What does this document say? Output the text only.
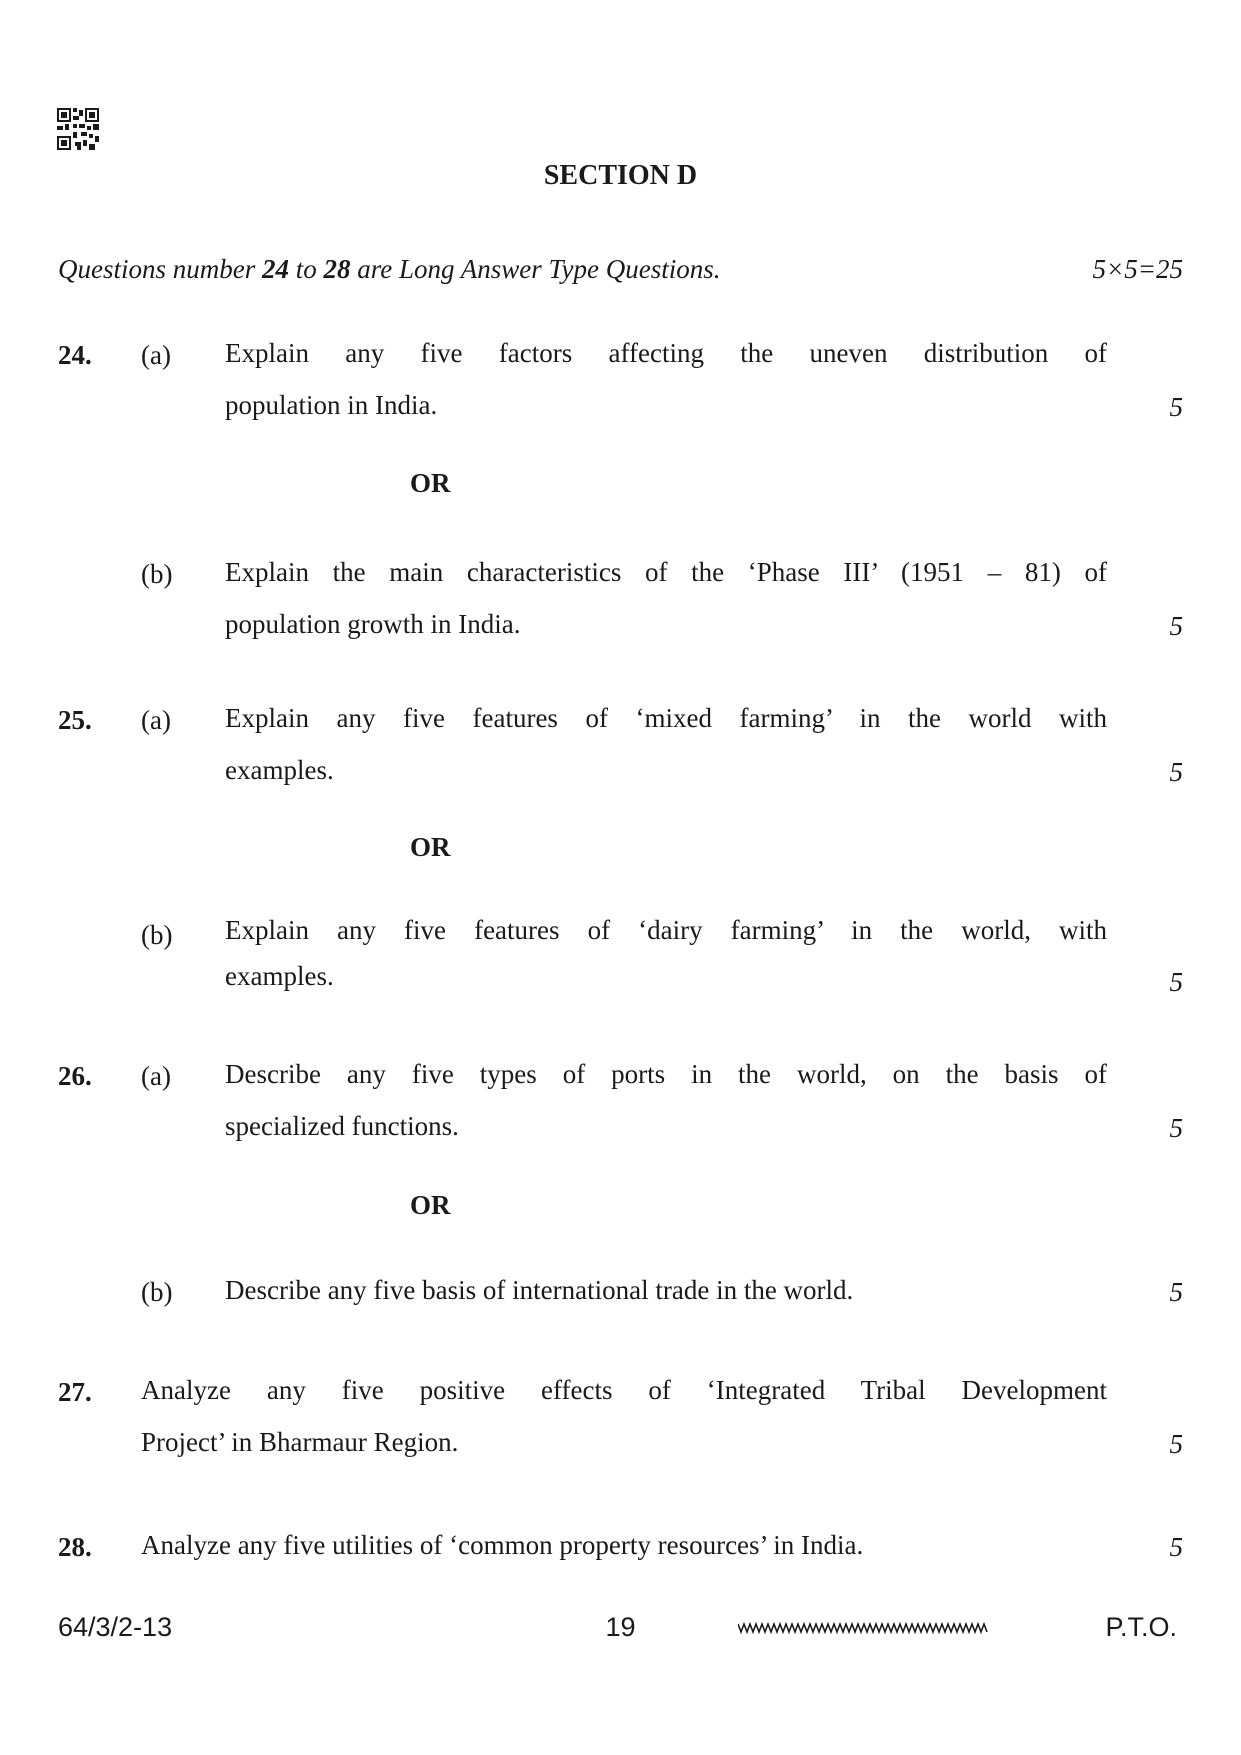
SECTION D
Questions number 24 to 28 are Long Answer Type Questions.	5×5=25
24. (a) Explain any five factors affecting the uneven distribution of
population in India.	5
OR
(b) Explain the main characteristics of the ‘Phase III’ (1951 – 81) of
population growth in India.	5
25. (a) Explain any five features of ‘mixed farming’ in the world with
examples.	5
OR
(b) Explain any five features of ‘dairy farming’ in the world, with
examples.	5
26. (a) Describe any five types of ports in the world, on the basis of
specialized functions.	5
OR
(b) Describe any five basis of international trade in the world.	5
27. Analyze any five positive effects of ‘Integrated Tribal Development
Project’ in Bharmaur Region.	5
28. Analyze any five utilities of ‘common property resources’ in India.	5
64/3/2-13	19	P.T.O.
